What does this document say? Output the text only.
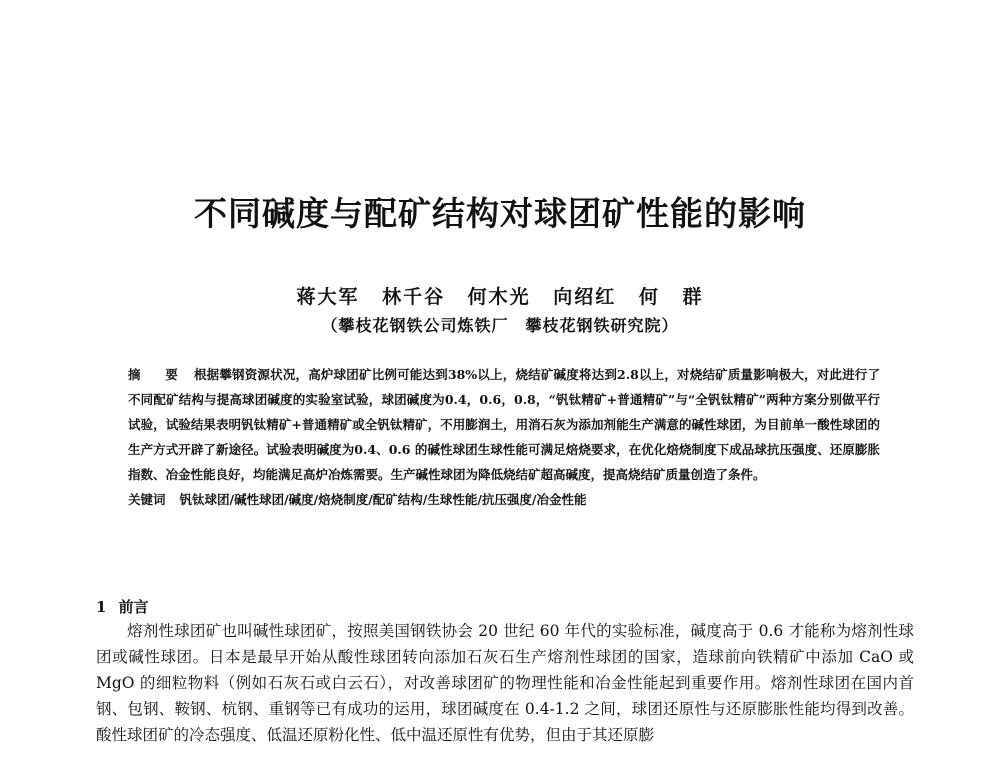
不同碱度与配矿结构对球团矿性能的影响
蒋大军 林千谷 何木光 向绍红 何 群
（攀枝花钢铁公司炼铁厂　攀枝花钢铁研究院）

摘 要 根据攀钢资源状况，高炉球团矿比例可能达到38%以上，烧结矿碱度将达到2.8以上，对烧结矿质量影响极大，对此进行了不同配矿结构与提高球团碱度的实验室试验，球团碱度为0.4，0.6，0.8，“钒钛精矿+普通精矿”与“全钒钛精矿”两种方案分别做平行试验，试验结果表明钒钛精矿+普通精矿或全钒钛精矿，不用膨润土，用消石灰为添加剂能生产满意的碱性球团，为目前单一酸性球团的生产方式开辟了新途径。试验表明碱度为0.4、0.6 的碱性球团生球性能可满足焙烧要求，在优化焙烧制度下成品球抗压强度、还原膨胀指数、冶金性能良好，均能满足高炉冶炼需要。生产碱性球团为降低烧结矿超高碱度，提高烧结矿质量创造了条件。

关键词 钒钛球团/碱性球团/碱度/焙烧制度/配矿结构/生球性能/抗压强度/冶金性能

1 前言

熔剂性球团矿也叫碱性球团矿，按照美国钢铁协会 20 世纪 60 年代的实验标准，碱度高于 0.6 才能称为熔剂性球团或碱性球团。日本是最早开始从酸性球团转向添加石灰石生产熔剂性球团的国家，造球前向铁精矿中添加 CaO 或 MgO 的细粒物料（例如石灰石或白云石），对改善球团矿的物理性能和冶金性能起到重要作用。熔剂性球团在国内首钢、包钢、鞍钢、杭钢、重钢等已有成功的运用，球团碱度在 0.4-1.2 之间，球团还原性与还原膨胀性能均得到改善。酸性球团矿的冷态强度、低温还原粉化性、低中温还原性有优势，但由于其还原膨
